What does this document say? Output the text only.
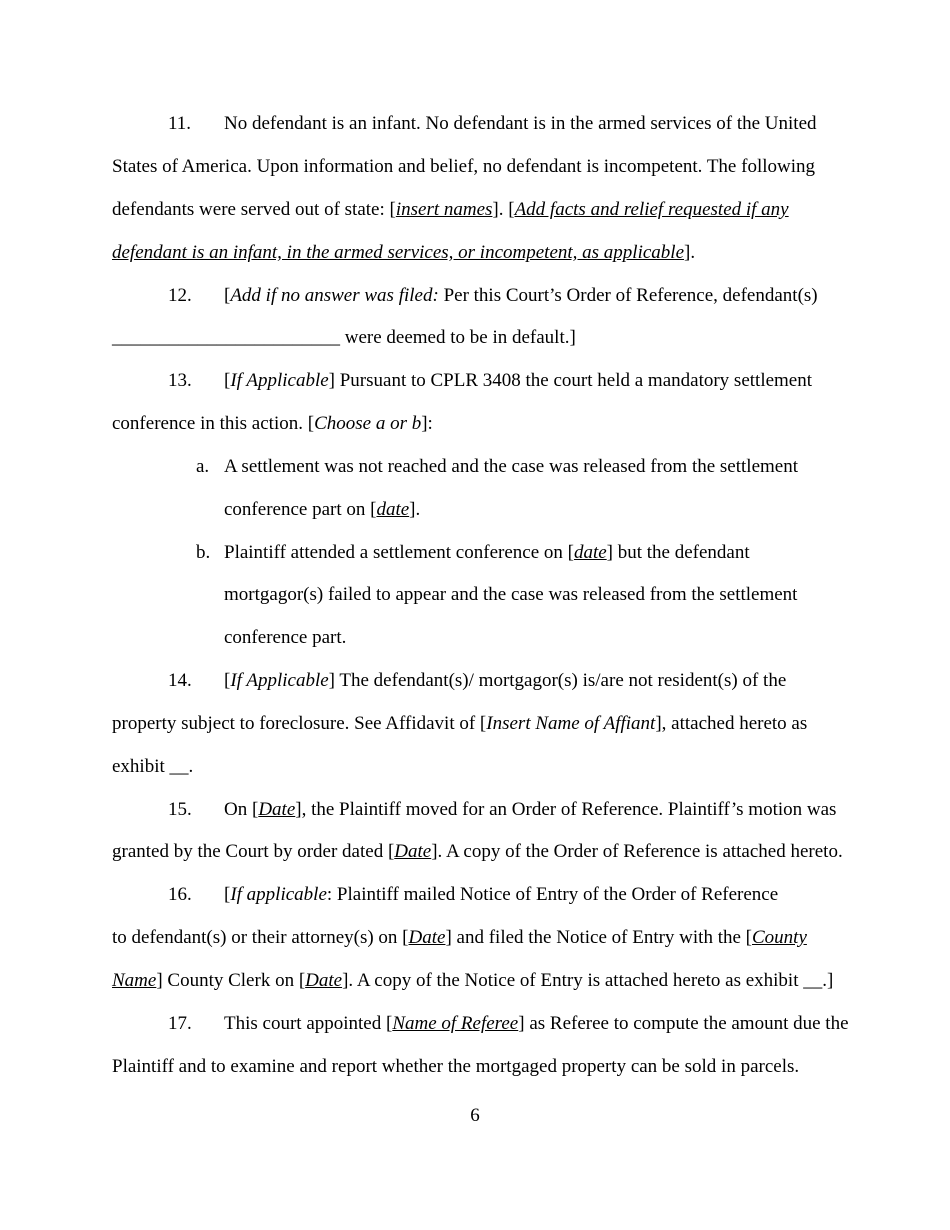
11. No defendant is an infant. No defendant is in the armed services of the United
States of America. Upon information and belief, no defendant is incompetent. The following
defendants were served out of state: [insert names]. [Add facts and relief requested if any
defendant is an infant, in the armed services, or incompetent, as applicable].
12. [Add if no answer was filed: Per this Court’s Order of Reference, defendant(s)
________________________ were deemed to be in default.]
13. [If Applicable] Pursuant to CPLR 3408 the court held a mandatory settlement
conference in this action. [Choose a or b]:
a. A settlement was not reached and the case was released from the settlement
conference part on [date].
b. Plaintiff attended a settlement conference on [date] but the defendant
mortgagor(s) failed to appear and the case was released from the settlement
conference part.
14. [If Applicable] The defendant(s)/ mortgagor(s) is/are not resident(s) of the
property subject to foreclosure. See Affidavit of [Insert Name of Affiant], attached hereto as
exhibit __.
15. On [Date], the Plaintiff moved for an Order of Reference. Plaintiff’s motion was
granted by the Court by order dated [Date]. A copy of the Order of Reference is attached hereto.
16. [If applicable: Plaintiff mailed Notice of Entry of the Order of Reference
to defendant(s) or their attorney(s) on [Date] and filed the Notice of Entry with the [County
Name] County Clerk on [Date]. A copy of the Notice of Entry is attached hereto as exhibit __.]
17. This court appointed [Name of Referee] as Referee to compute the amount due the
Plaintiff and to examine and report whether the mortgaged property can be sold in parcels.
6
